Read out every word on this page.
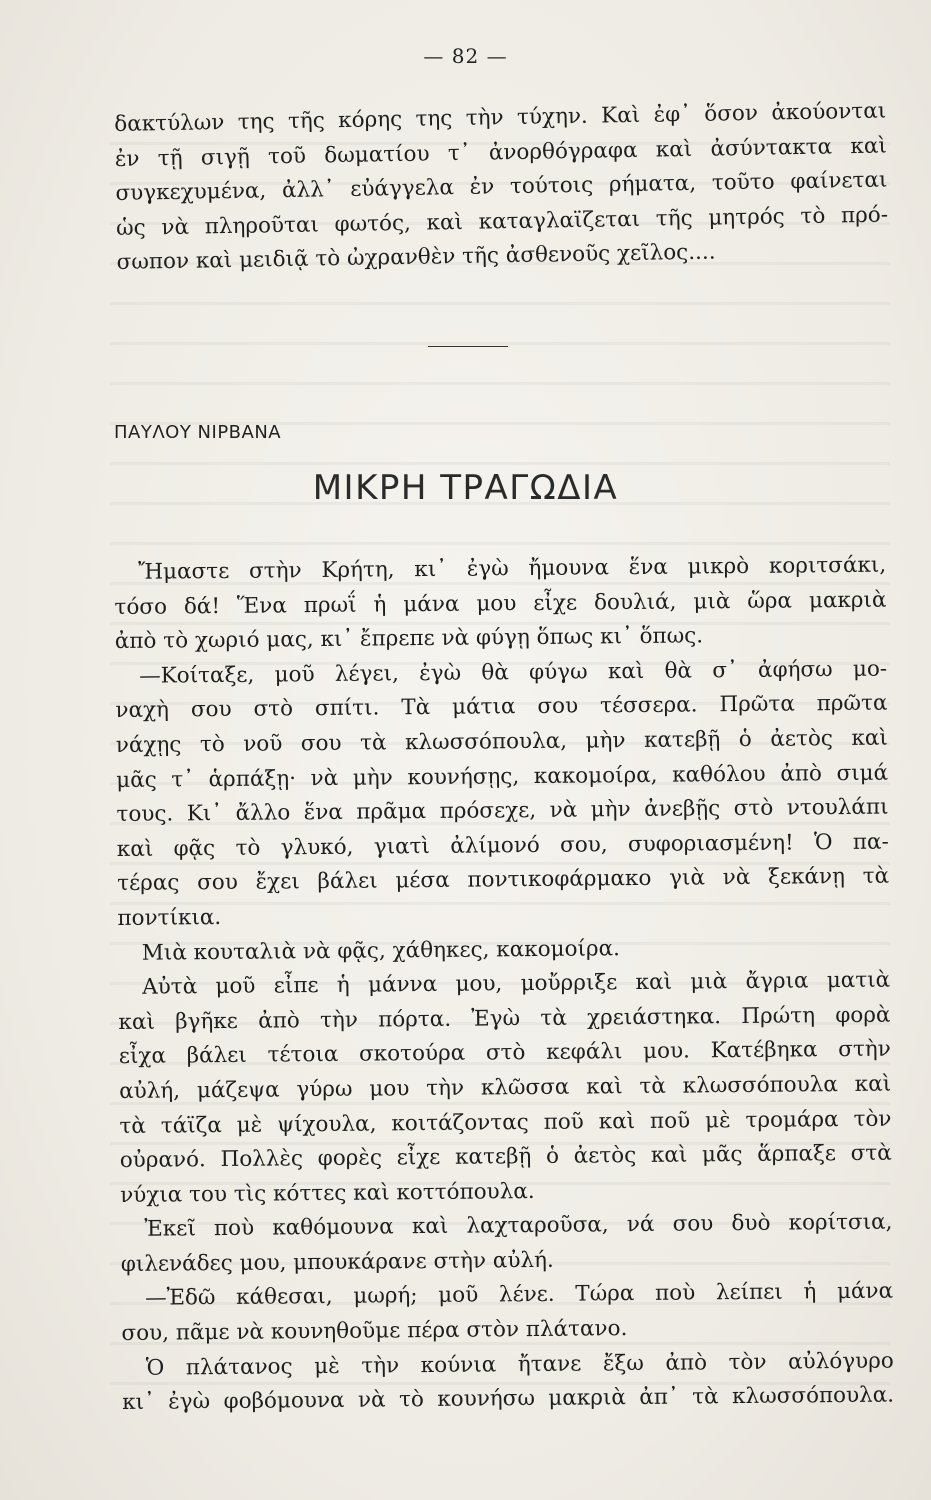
— 82 —
δακτύλων της τῆς κόρης της τὴν τύχην. Καὶ ἐφ᾽ ὅσον ἀκούονται
ἐν τῇ σιγῇ τοῦ δωματίου τ᾽ ἀνορθόγραφα καὶ ἀσύντακτα καὶ
συγκεχυμένα, ἀλλ᾽ εὐάγγελα ἐν τούτοις ρήματα, τοῦτο φαίνεται
ὡς νὰ πληροῦται φωτός, καὶ καταγλαϊζεται τῆς μητρός τὸ πρό-
σωπον καὶ μειδιᾷ τὸ ὠχρανθὲν τῆς ἀσθενοῦς χεῖλος....
ΠΑΥΛΟΥ ΝΙΡΒΑΝΑ
ΜΙΚΡΗ ΤΡΑΓΩΔΙΑ
Ἤμαστε στὴν Κρήτη, κι᾽ ἐγὼ ἤμουνα ἕνα μικρὸ κοριτσάκι,
τόσο δά! Ἕνα πρωΐ ἡ μάνα μου εἶχε δουλιά, μιὰ ὥρα μακριὰ
ἀπὸ τὸ χωριό μας, κι᾽ ἔπρεπε νὰ φύγῃ ὅπως κι᾽ ὅπως.
—Κοίταξε, μοῦ λέγει, ἐγὼ θὰ φύγω καὶ θὰ σ᾽ ἀφήσω μο-
ναχὴ σου στὸ σπίτι. Τὰ μάτια σου τέσσερα. Πρῶτα πρῶτα
νάχῃς τὸ νοῦ σου τὰ κλωσσόπουλα, μὴν κατεβῇ ὁ ἀετὸς καὶ
μᾶς τ᾽ ἁρπάξῃ· νὰ μὴν κουνήσῃς, κακομοίρα, καθόλου ἀπὸ σιμά
τους. Κι᾽ ἄλλο ἕνα πρᾶμα πρόσεχε, νὰ μὴν ἀνεβῇς στὸ ντουλάπι
καὶ φᾷς τὸ γλυκό, γιατὶ ἀλίμονό σου, συφοριασμένη! Ὁ πα-
τέρας σου ἔχει βάλει μέσα ποντικοφάρμακο γιὰ νὰ ξεκάνῃ τὰ
ποντίκια.
Μιὰ κουταλιὰ νὰ φᾷς, χάθηκες, κακομοίρα.
Αὐτὰ μοῦ εἶπε ἡ μάννα μου, μοὔρριξε καὶ μιὰ ἄγρια ματιὰ
καὶ βγῆκε ἀπὸ τὴν πόρτα. Ἐγὼ τὰ χρειάστηκα. Πρώτη φορὰ
εἶχα βάλει τέτοια σκοτούρα στὸ κεφάλι μου. Κατέβηκα στὴν
αὐλή, μάζεψα γύρω μου τὴν κλῶσσα καὶ τὰ κλωσσόπουλα καὶ
τὰ τάϊζα μὲ ψίχουλα, κοιτάζοντας ποῦ καὶ ποῦ μὲ τρομάρα τὸν
οὐρανό. Πολλὲς φορὲς εἶχε κατεβῇ ὁ ἀετὸς καὶ μᾶς ἅρπαξε στὰ
νύχια του τὶς κόττες καὶ κοττόπουλα.
Ἐκεῖ ποὺ καθόμουνα καὶ λαχταροῦσα, νά σου δυὸ κορίτσια,
φιλενάδες μου, μπουκάρανε στὴν αὐλή.
—Ἐδῶ κάθεσαι, μωρή; μοῦ λένε. Τώρα ποὺ λείπει ἡ μάνα
σου, πᾶμε νὰ κουνηθοῦμε πέρα στὸν πλάτανο.
Ὁ πλάτανος μὲ τὴν κούνια ἤτανε ἔξω ἀπὸ τὸν αὐλόγυρο
κι᾽ ἐγὼ φοβόμουνα νὰ τὸ κουνήσω μακριὰ ἀπ᾽ τὰ κλωσσόπουλα.
